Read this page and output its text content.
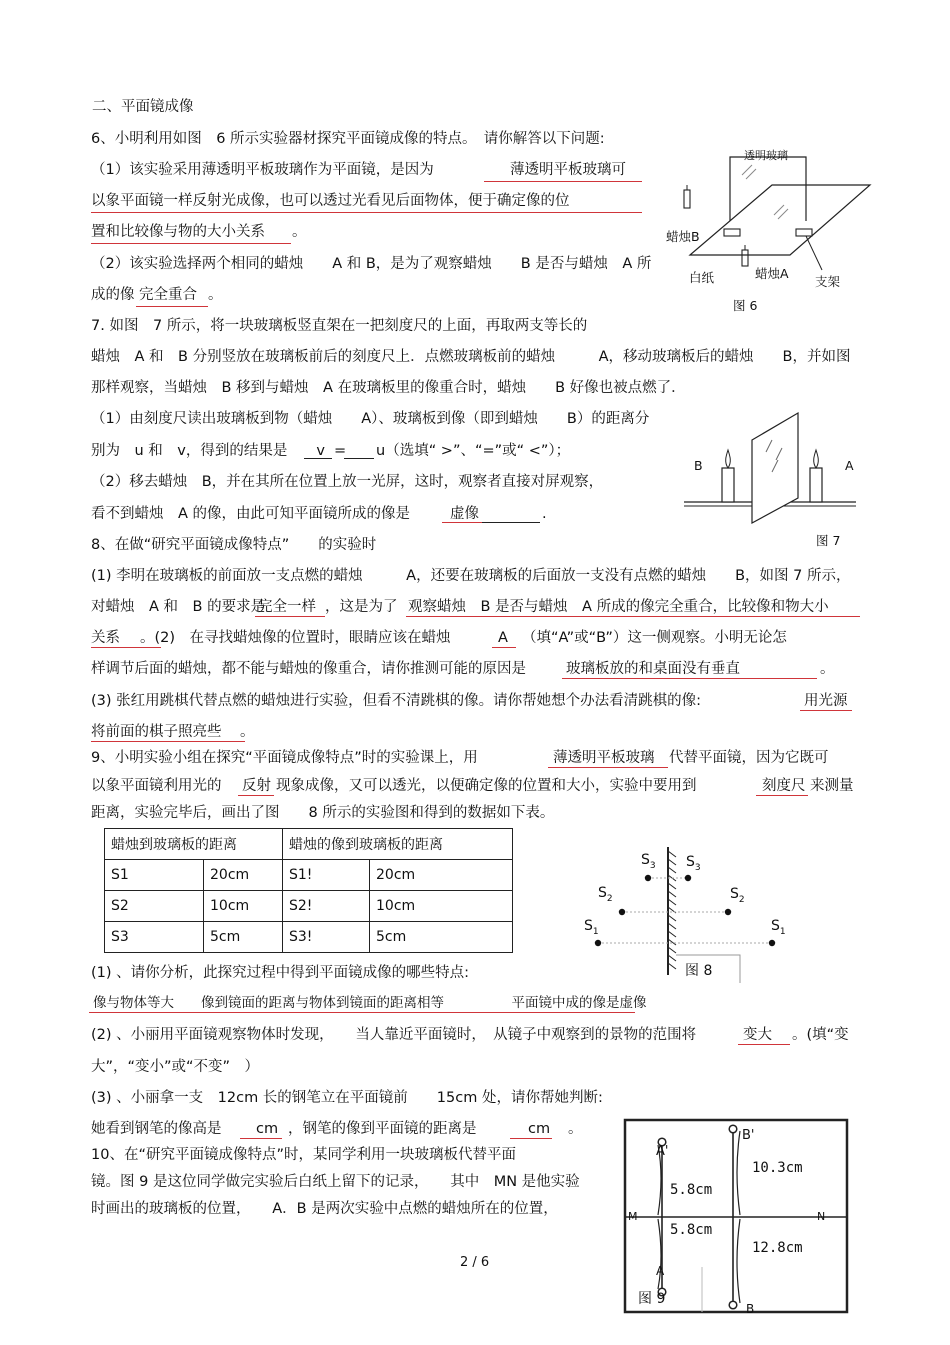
二、平面镜成像
6、小明利用如图　6 所示实验器材探究平面镜成像的特点。　请你解答以下问题:
（1）该实验采用薄透明平板玻璃作为平面镜，是因为	薄透明平板玻璃可
以象平面镜一样反射光成像，也可以透过光看见后面物体，便于确定像的位
置和比较像与物的大小关系 。
（2）该实验选择两个相同的蜡烛　　A 和 B，是为了观察蜡烛　　B 是否与蜡烛　A 所
成的像 完全重合 。
透明玻璃
蜡烛B
白纸	蜡烛A
支架
图 6
7. 如图　7 所示，将一块玻璃板竖直架在一把刻度尺的上面，再取两支等长的
蜡烛　A 和　B 分别竖放在玻璃板前后的刻度尺上．点燃玻璃板前的蜡烛　　　A，移动玻璃板后的蜡烛　　B，并如图
那样观察，当蜡烛　B 移到与蜡烛　A 在玻璃板里的像重合时，蜡烛　　B 好像也被点燃了．
（1）由刻度尺读出玻璃板到物（蜡烛　　A）、玻璃板到像（即到蜡烛　　B）的距离分
别为　u 和　v，得到的结果是　　v = u（选填“ >”、“=”或“ <”）；
（2）移去蜡烛　B，并在其所在位置上放一光屏，这时，观察者直接对屏观察，
看不到蜡烛　A 的像，由此可知平面镜所成的像是	虚像	.
B	A
图 7
8、在做“研究平面镜成像特点”　　的实验时
(1) 李明在玻璃板的前面放一支点燃的蜡烛　　　A，还要在玻璃板的后面放一支没有点燃的蜡烛　　B，如图 7 所示，
对蜡烛　A 和　B 的要求是
完全一样 ，这是为了 观察蜡烛　B 是否与蜡烛　A 所成的像完全重合，比较像和物大小
关系 。(2)　在寻找蜡烛像的位置时，眼睛应该在蜡烛	A （填“A”或“B”）这一侧观察。小明无论怎
样调节后面的蜡烛，都不能与蜡烛的像重合，请你推测可能的原因是	玻璃板放的和桌面没有垂直	。
(3) 张红用跳棋代替点燃的蜡烛进行实验，但看不清跳棋的像。请你帮她想个办法看清跳棋的像:	用光源
将前面的棋子照亮些 。
9、小明实验小组在探究“平面镜成像特点”时的实验课上，用	薄透明平板玻璃 代替平面镜，因为它既可
以象平面镜利用光的 反射 现象成像，又可以透光，以便确定像的位置和大小，实验中要用到	刻度尺 来测量
距离，实验完毕后，画出了图　　8 所示的实验图和得到的数据如下表。
蜡烛到玻璃板的距离		蜡烛的像到玻璃板的距离	
S1	20cm	S1!	20cm
S2	10cm	S2!	10cm
S3	5cm	S3!	5cm
$S_3$ $S_3$
$S_2$	$S_2$
$S_1$	$S_1$
图 8
(1) 、请你分析，此探究过程中得到平面镜成像的哪些特点:
像与物体等大　　像到镜面的距离与物体到镜面的距离相等　　　　　平面镜中成的像是虚像
(2) 、小丽用平面镜观察物体时发现，　　当人靠近平面镜时，　从镜子中观察到的景物的范围将	变大 。(填“变
大”，“变小”或“不变”　）
(3) 、小丽拿一支　12cm 长的钢笔立在平面镜前　　15cm 处，请你帮她判断:
她看到钢笔的像高是 cm ，钢笔的像到平面镜的距离是	cm 。
10、在“研究平面镜成像特点”时，某同学利用一块玻璃板代替平面
镜。图 9 是这位同学做完实验后白纸上留下的记录，　　其中　MN 是他实验
时画出的玻璃板的位置，　　A．B 是两次实验中点燃的蜡烛所在的位置，
A'
B'
5.8cm
10.3cm
M	N
5.8cm
12.8cm
A
B
图 9
2 / 6
